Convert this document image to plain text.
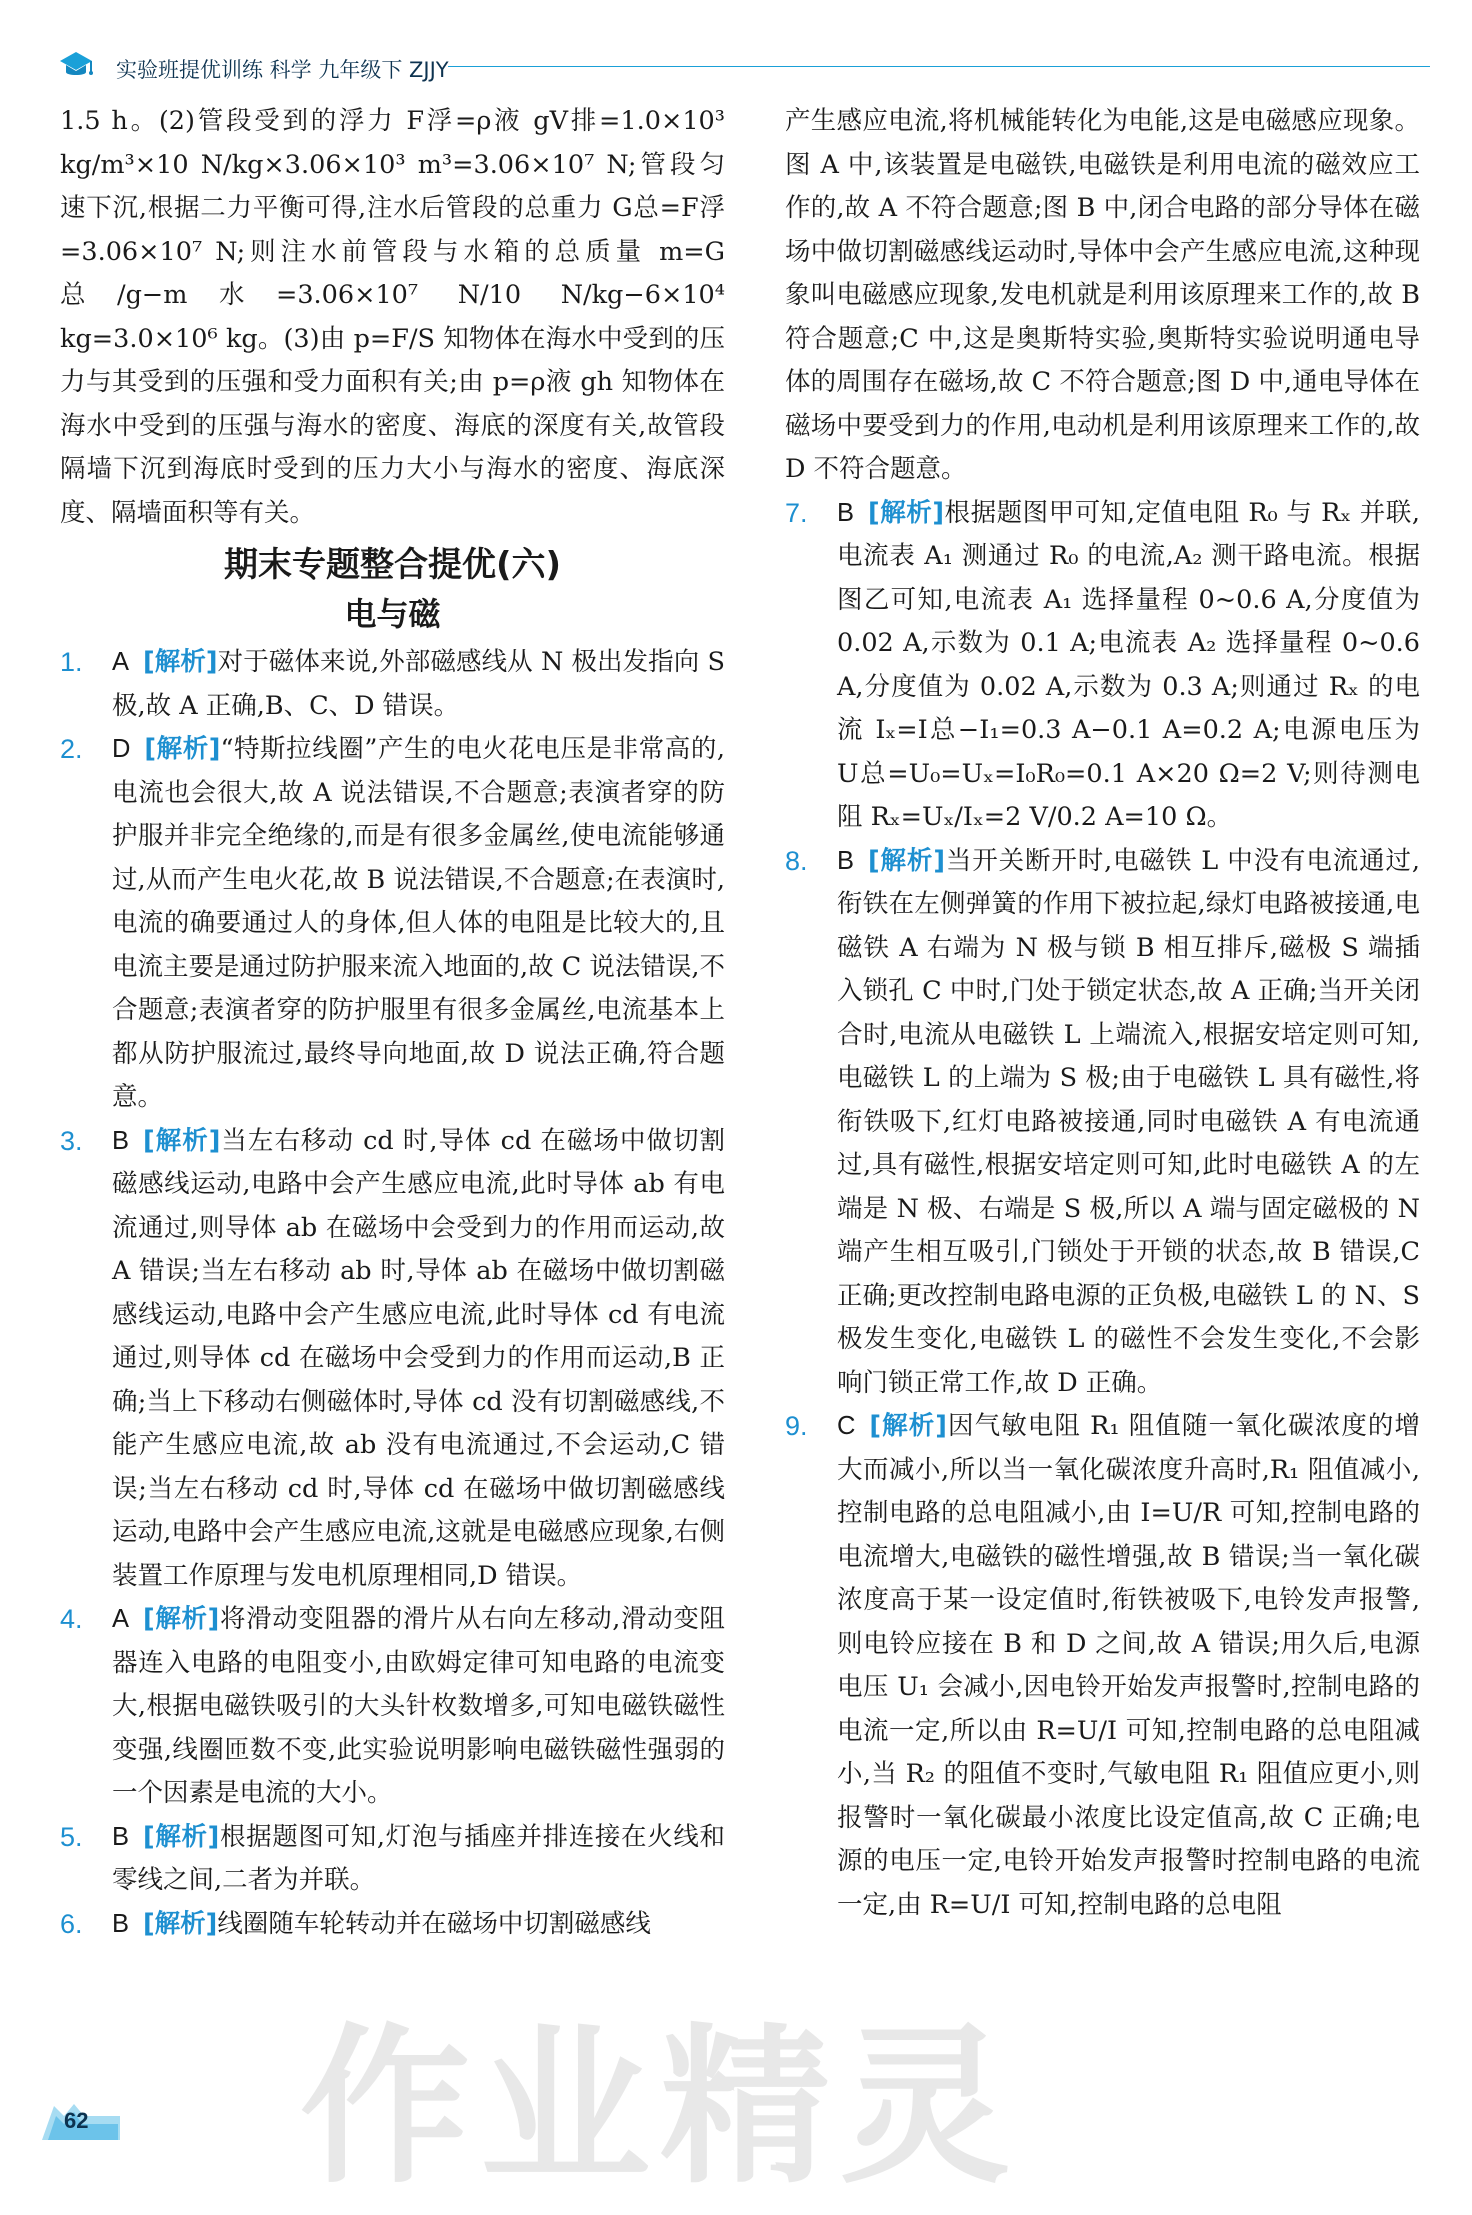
实验班提优训练 科学 九年级下 ZJJY

1.5 h。(2)管段受到的浮力 F浮=ρ液 gV排=1.0×10³ kg/m³×10 N/kg×3.06×10³ m³=3.06×10⁷ N;管段匀速下沉,根据二力平衡可得,注水后管段的总重力 G总=F浮=3.06×10⁷ N;则注水前管段与水箱的总质量 m=G总/g−m水=3.06×10⁷ N/10 N/kg−6×10⁴ kg=3.0×10⁶ kg。(3)由 p=F/S 知物体在海水中受到的压力与其受到的压强和受力面积有关;由 p=ρ液 gh 知物体在海水中受到的压强与海水的密度、海底的深度有关,故管段隔墙下沉到海底时受到的压力大小与海水的密度、海底深度、隔墙面积等有关。

期末专题整合提优(六)
电与磁
1. A [解析]对于磁体来说,外部磁感线从 N 极出发指向 S 极,故 A 正确,B、C、D 错误。
2. D [解析]“特斯拉线圈”产生的电火花电压是非常高的,电流也会很大,故 A 说法错误,不合题意;表演者穿的防护服并非完全绝缘的,而是有很多金属丝,使电流能够通过,从而产生电火花,故 B 说法错误,不合题意;在表演时,电流的确要通过人的身体,但人体的电阻是比较大的,且电流主要是通过防护服来流入地面的,故 C 说法错误,不合题意;表演者穿的防护服里有很多金属丝,电流基本上都从防护服流过,最终导向地面,故 D 说法正确,符合题意。
3. B [解析]当左右移动 cd 时,导体 cd 在磁场中做切割磁感线运动,电路中会产生感应电流,此时导体 ab 有电流通过,则导体 ab 在磁场中会受到力的作用而运动,故 A 错误;当左右移动 ab 时,导体 ab 在磁场中做切割磁感线运动,电路中会产生感应电流,此时导体 cd 有电流通过,则导体 cd 在磁场中会受到力的作用而运动,B 正确;当上下移动右侧磁体时,导体 cd 没有切割磁感线,不能产生感应电流,故 ab 没有电流通过,不会运动,C 错误;当左右移动 cd 时,导体 cd 在磁场中做切割磁感线运动,电路中会产生感应电流,这就是电磁感应现象,右侧装置工作原理与发电机原理相同,D 错误。
4. A [解析]将滑动变阻器的滑片从右向左移动,滑动变阻器连入电路的电阻变小,由欧姆定律可知电路的电流变大,根据电磁铁吸引的大头针枚数增多,可知电磁铁磁性变强,线圈匝数不变,此实验说明影响电磁铁磁性强弱的一个因素是电流的大小。
5. B [解析]根据题图可知,灯泡与插座并排连接在火线和零线之间,二者为并联。
6. B [解析]线圈随车轮转动并在磁场中切割磁感线

产生感应电流,将机械能转化为电能,这是电磁感应现象。图 A 中,该装置是电磁铁,电磁铁是利用电流的磁效应工作的,故 A 不符合题意;图 B 中,闭合电路的部分导体在磁场中做切割磁感线运动时,导体中会产生感应电流,这种现象叫电磁感应现象,发电机就是利用该原理来工作的,故 B 符合题意;C 中,这是奥斯特实验,奥斯特实验说明通电导体的周围存在磁场,故 C 不符合题意;图 D 中,通电导体在磁场中要受到力的作用,电动机是利用该原理来工作的,故 D 不符合题意。

7. B [解析]根据题图甲可知,定值电阻 R₀ 与 Rₓ 并联,电流表 A₁ 测通过 R₀ 的电流,A₂ 测干路电流。根据图乙可知,电流表 A₁ 选择量程 0~0.6 A,分度值为 0.02 A,示数为 0.1 A;电流表 A₂ 选择量程 0~0.6 A,分度值为 0.02 A,示数为 0.3 A;则通过 Rₓ 的电流 Iₓ=I总−I₁=0.3 A−0.1 A=0.2 A;电源电压为 U总=U₀=Uₓ=I₀R₀=0.1 A×20 Ω=2 V;则待测电阻 Rₓ=Uₓ/Iₓ=2 V/0.2 A=10 Ω。
8. B [解析]当开关断开时,电磁铁 L 中没有电流通过,衔铁在左侧弹簧的作用下被拉起,绿灯电路被接通,电磁铁 A 右端为 N 极与锁 B 相互排斥,磁极 S 端插入锁孔 C 中时,门处于锁定状态,故 A 正确;当开关闭合时,电流从电磁铁 L 上端流入,根据安培定则可知,电磁铁 L 的上端为 S 极;由于电磁铁 L 具有磁性,将衔铁吸下,红灯电路被接通,同时电磁铁 A 有电流通过,具有磁性,根据安培定则可知,此时电磁铁 A 的左端是 N 极、右端是 S 极,所以 A 端与固定磁极的 N 端产生相互吸引,门锁处于开锁的状态,故 B 错误,C 正确;更改控制电路电源的正负极,电磁铁 L 的 N、S 极发生变化,电磁铁 L 的磁性不会发生变化,不会影响门锁正常工作,故 D 正确。
9. C [解析]因气敏电阻 R₁ 阻值随一氧化碳浓度的增大而减小,所以当一氧化碳浓度升高时,R₁ 阻值减小,控制电路的总电阻减小,由 I=U/R 可知,控制电路的电流增大,电磁铁的磁性增强,故 B 错误;当一氧化碳浓度高于某一设定值时,衔铁被吸下,电铃发声报警,则电铃应接在 B 和 D 之间,故 A 错误;用久后,电源电压 U₁ 会减小,因电铃开始发声报警时,控制电路的电流一定,所以由 R=U/I 可知,控制电路的总电阻减小,当 R₂ 的阻值不变时,气敏电阻 R₁ 阻值应更小,则报警时一氧化碳最小浓度比设定值高,故 C 正确;电源的电压一定,电铃开始发声报警时控制电路的电流一定,由 R=U/I 可知,控制电路的总电阻
62 作业精灵
